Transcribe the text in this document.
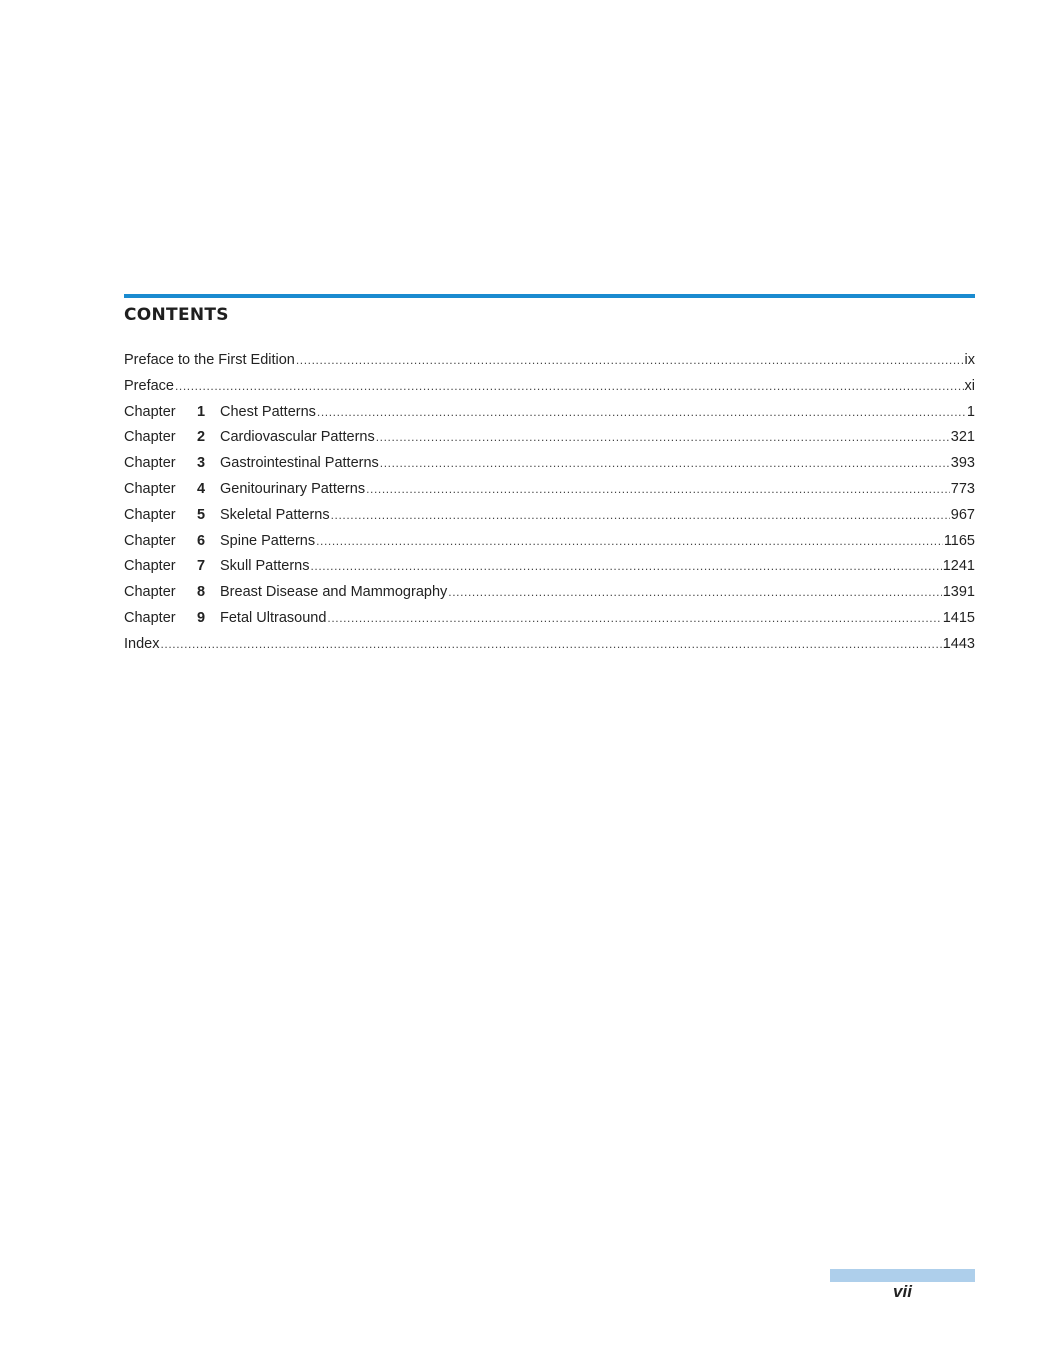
CONTENTS
Preface to the First Edition .....	ix
Preface .....	xi
Chapter	1	Chest Patterns .....	1
Chapter	2	Cardiovascular Patterns .....	321
Chapter	3	Gastrointestinal Patterns .....	393
Chapter	4	Genitourinary Patterns .....	773
Chapter	5	Skeletal Patterns .....	967
Chapter	6	Spine Patterns .....	1165
Chapter	7	Skull Patterns .....	1241
Chapter	8	Breast Disease and Mammography .....	1391
Chapter	9	Fetal Ultrasound .....	1415
Index .....	1443
vii
